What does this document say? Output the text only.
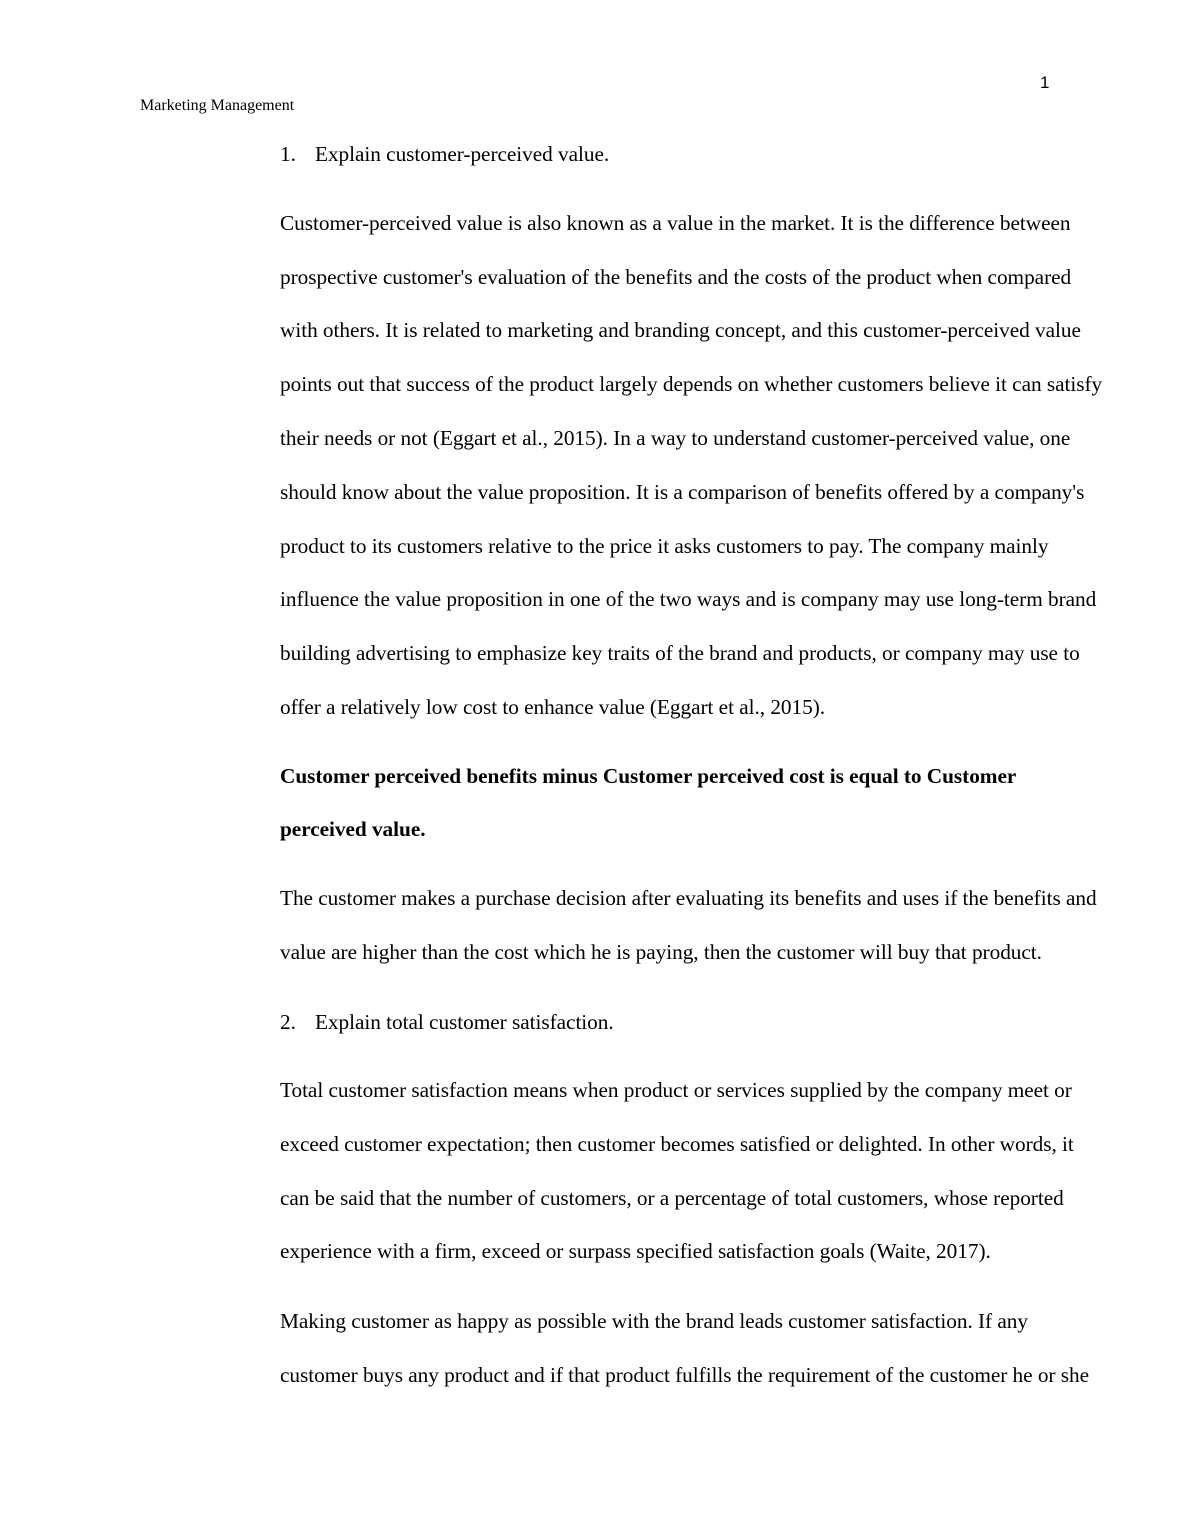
1
Marketing Management
1. Explain customer-perceived value.
Customer-perceived value is also known as a value in the market. It is the difference between
prospective customer's evaluation of the benefits and the costs of the product when compared
with others. It is related to marketing and branding concept, and this customer-perceived value
points out that success of the product largely depends on whether customers believe it can satisfy
their needs or not (Eggart et al., 2015). In a way to understand customer-perceived value, one
should know about the value proposition. It is a comparison of benefits offered by a company's
product to its customers relative to the price it asks customers to pay. The company mainly
influence the value proposition in one of the two ways and is company may use long-term brand
building advertising to emphasize key traits of the brand and products, or company may use to
offer a relatively low cost to enhance value (Eggart et al., 2015).
Customer perceived benefits minus Customer perceived cost is equal to Customer
perceived value.
The customer makes a purchase decision after evaluating its benefits and uses if the benefits and
value are higher than the cost which he is paying, then the customer will buy that product.
2. Explain total customer satisfaction.
Total customer satisfaction means when product or services supplied by the company meet or
exceed customer expectation; then customer becomes satisfied or delighted. In other words, it
can be said that the number of customers, or a percentage of total customers, whose reported
experience with a firm, exceed or surpass specified satisfaction goals (Waite, 2017).
Making customer as happy as possible with the brand leads customer satisfaction. If any
customer buys any product and if that product fulfills the requirement of the customer he or she
